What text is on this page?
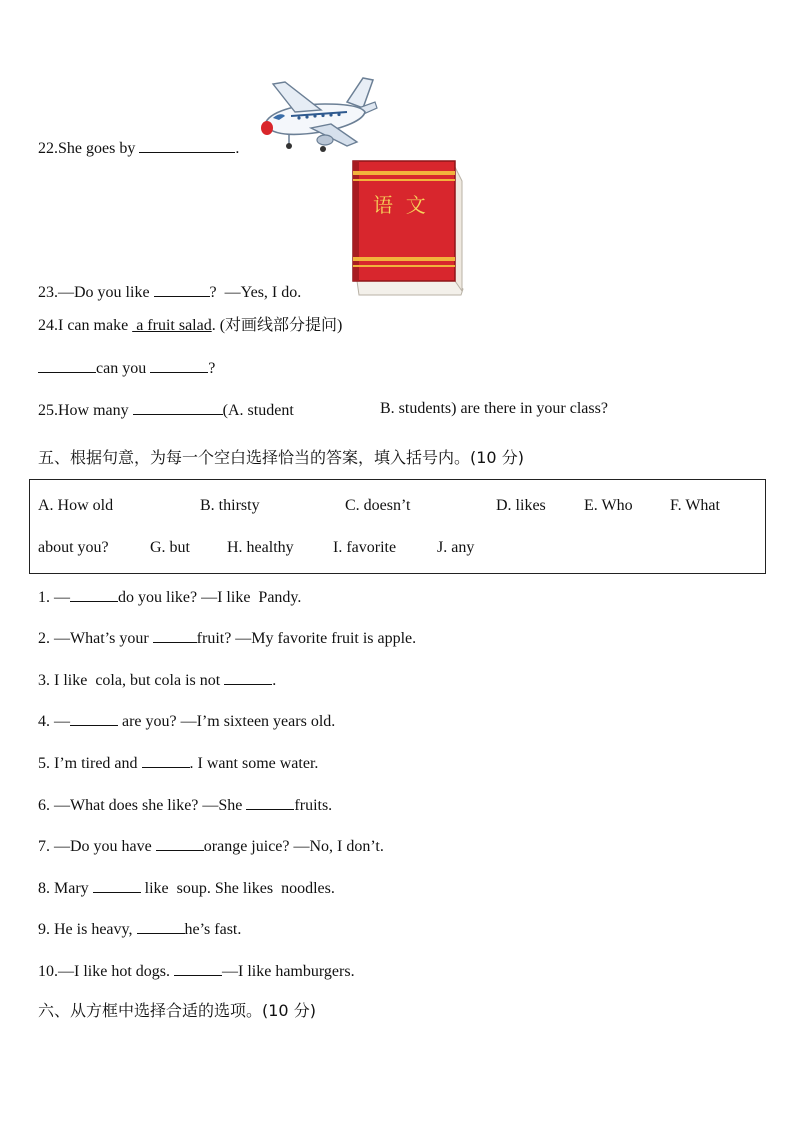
语  文
22.She goes by	.
23.—Do you like	?  —Yes, I do.
24.I can make  a fruit salad. (对画线部分提问)
can you	?
25.How many	(A. student	B. students) are there in your class?
五、根据句意，为每一个空白选择恰当的答案，填入括号内。(10 分)
A. How old	B. thirsty	C. doesn’t	D. likes E. Who F. What
about you?	G. but H. healthy I. favorite	J. any
1. —	do you like? —I like  Pandy.
2. —What’s your	fruit? —My favorite fruit is apple.
3. I like  cola, but cola is not	.
4. —	are you? —I’m sixteen years old.
5. I’m tired and	. I want some water.
6. —What does she like? —She	fruits.
7. —Do you have	orange juice? —No, I don’t.
8. Mary	like  soup. She likes  noodles.
9. He is heavy,	he’s fast.
10.—I like hot dogs.	—I like hamburgers.
六、从方框中选择合适的选项。(10 分)
